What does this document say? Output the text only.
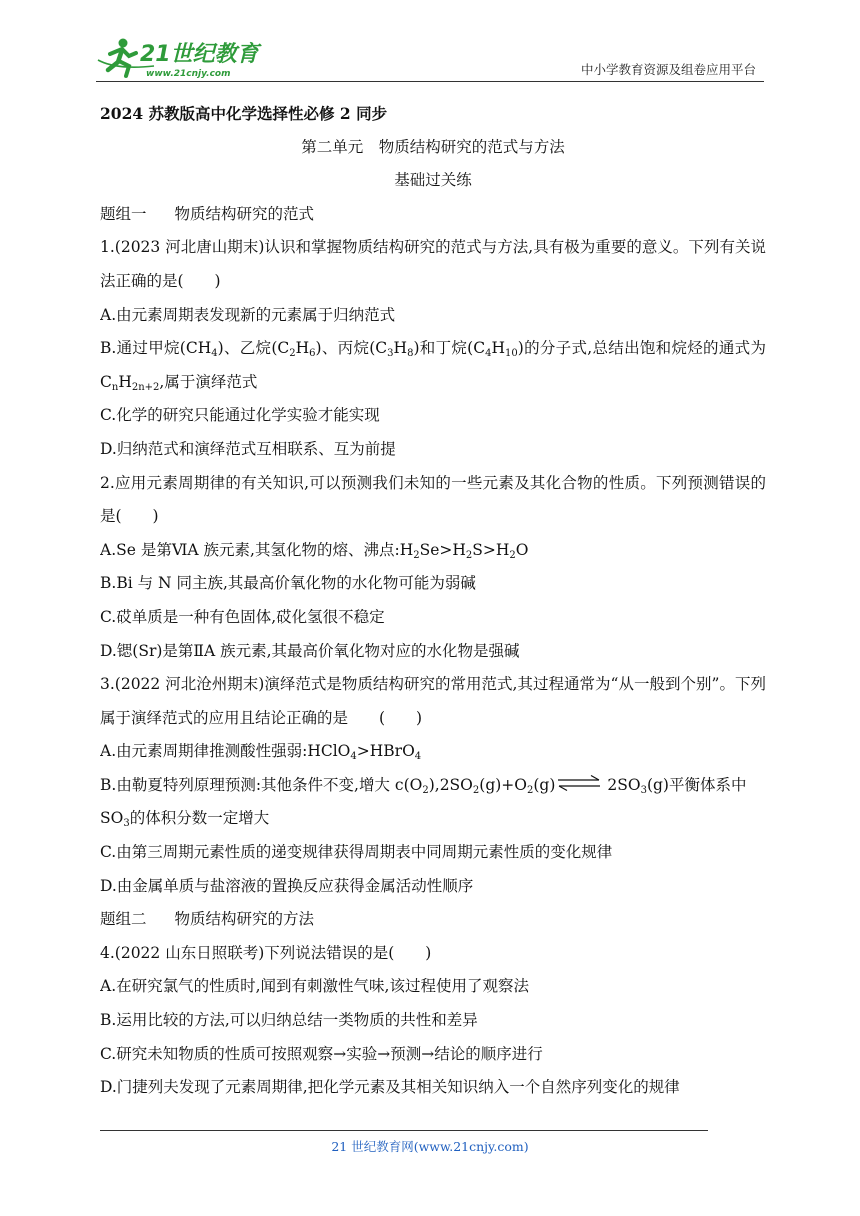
21世纪教育
www.21cnjy.com	中小学教育资源及组卷应用平台
2024 苏教版高中化学选择性必修 2 同步
第二单元　物质结构研究的范式与方法
基础过关练
题组一 物质结构研究的范式
1.(2023 河北唐山期末)认识和掌握物质结构研究的范式与方法,具有极为重要的意义。下列有关说法正确的是(　　)
A.由元素周期表发现新的元素属于归纳范式
B.通过甲烷$(CH_4)$、乙烷$(C_2H_6)$、丙烷$(C_3H_8)$和丁烷$(C_4H_{10})$的分子式,总结出饱和烷烃的通式为 $C_nH_{2n+2}$,属于演绎范式
C.化学的研究只能通过化学实验才能实现
D.归纳范式和演绎范式互相联系、互为前提
2.应用元素周期律的有关知识,可以预测我们未知的一些元素及其化合物的性质。下列预测错误的是(　　)
A.Se 是第ⅥA 族元素,其氢化物的熔、沸点$:H_2Se>H_2S>H_2O$
B.Bi 与 N 同主族,其最高价氧化物的水化物可能为弱碱
C.砹单质是一种有色固体,砹化氢很不稳定
D.锶(Sr)是第ⅡA 族元素,其最高价氧化物对应的水化物是强碱
3.(2022 河北沧州期末)演绎范式是物质结构研究的常用范式,其过程通常为“从一般到个别”。下列属于演绎范式的应用且结论正确的是　　(　　)
A.由元素周期律推测酸性强弱:HClO$_4$>HBrO$_4$
B.由勒夏特列原理预测:其他条件不变,增大 $c(O_2),2SO_2(g)+O_2(g)$ ⇌ $2SO_3(g)$平衡体系中
$SO_3$的体积分数一定增大
C.由第三周期元素性质的递变规律获得周期表中同周期元素性质的变化规律
D.由金属单质与盐溶液的置换反应获得金属活动性顺序
题组二 物质结构研究的方法
4.(2022 山东日照联考)下列说法错误的是(　　)
A.在研究氯气的性质时,闻到有刺激性气味,该过程使用了观察法
B.运用比较的方法,可以归纳总结一类物质的共性和差异
C.研究未知物质的性质可按照观察→实验→预测→结论的顺序进行
D.门捷列夫发现了元素周期律,把化学元素及其相关知识纳入一个自然序列变化的规律
21 世纪教育网(www.21cnjy.com)
